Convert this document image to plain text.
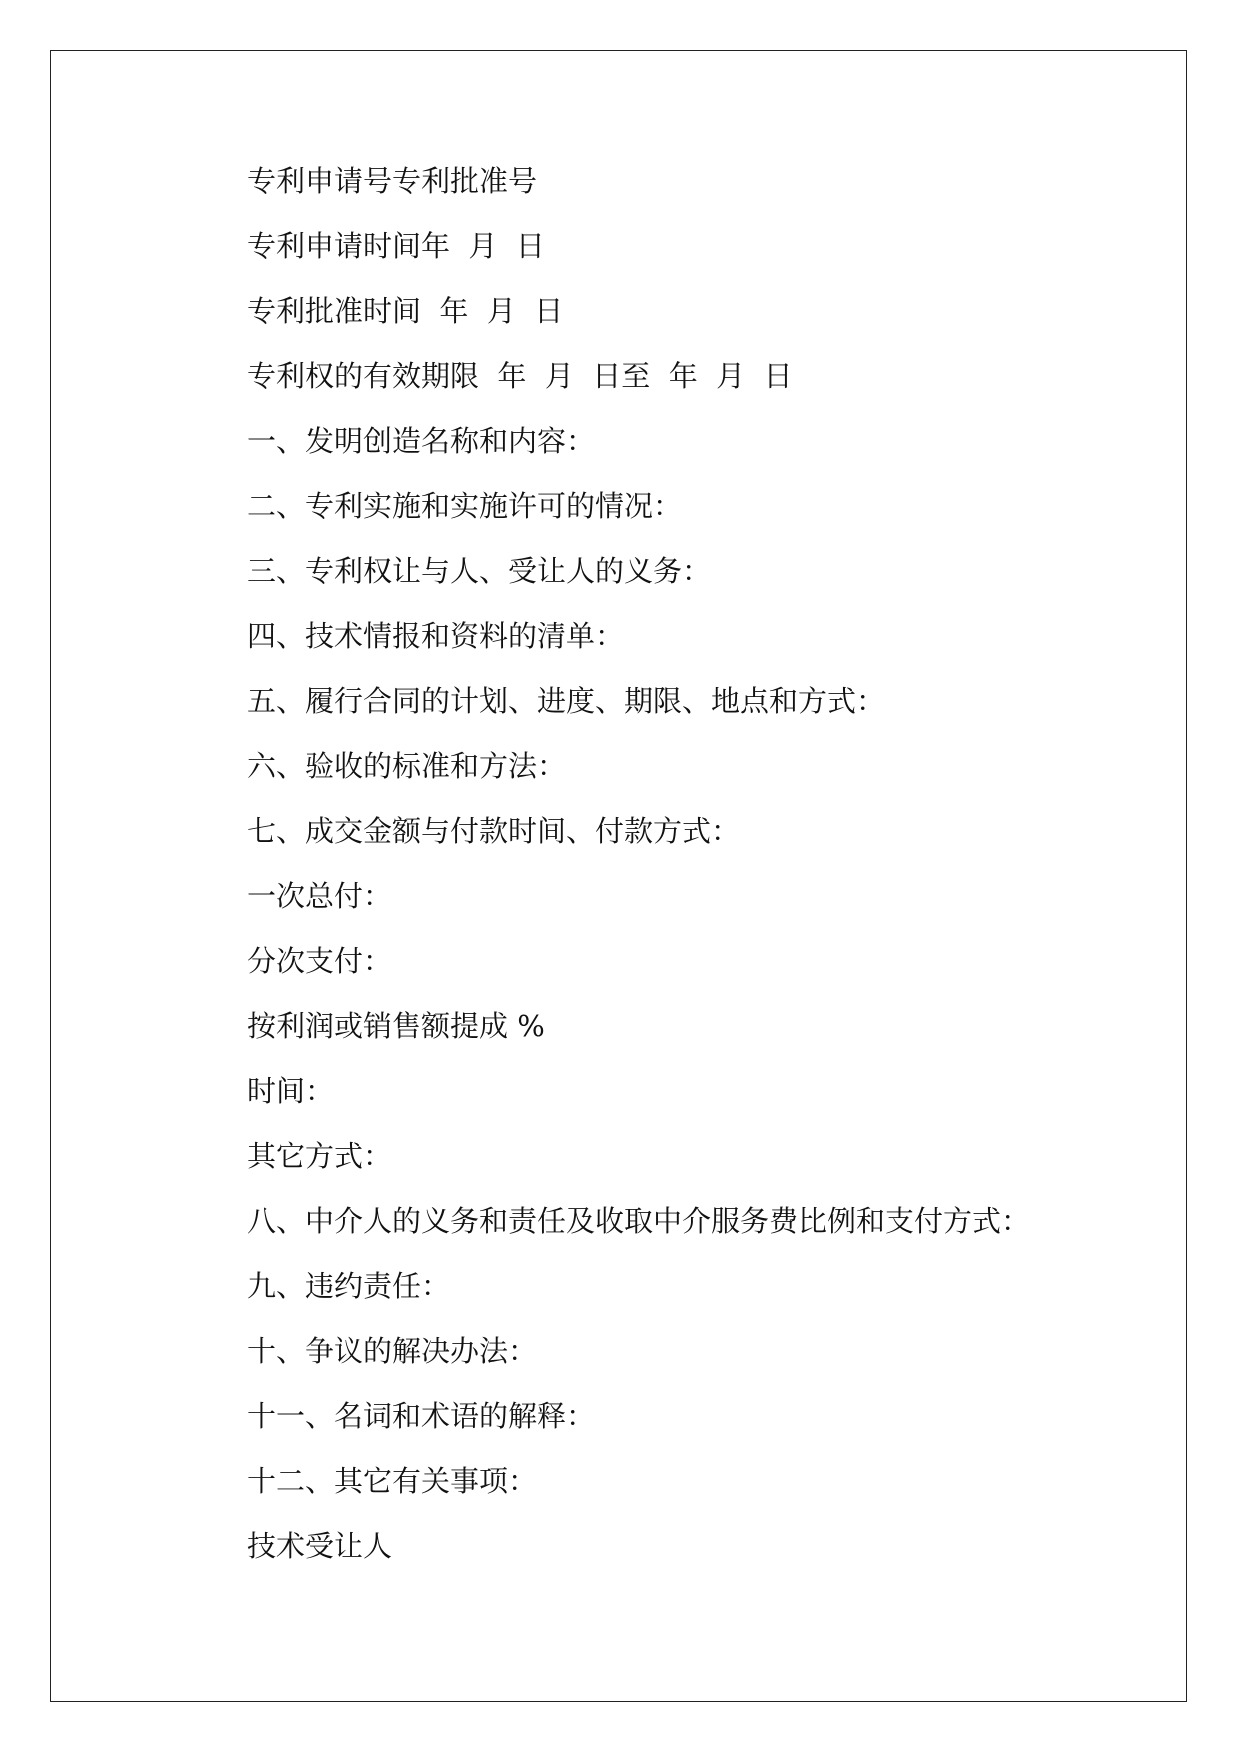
专利申请号专利批准号
专利申请时间年  月  日
专利批准时间  年  月  日
专利权的有效期限  年  月  日至  年  月  日
一、发明创造名称和内容：
二、专利实施和实施许可的情况：
三、专利权让与人、受让人的义务：
四、技术情报和资料的清单：
五、履行合同的计划、进度、期限、地点和方式：
六、验收的标准和方法：
七、成交金额与付款时间、付款方式：
一次总付：
分次支付：
按利润或销售额提成 %
时间：
其它方式：
八、中介人的义务和责任及收取中介服务费比例和支付方式：
九、违约责任：
十、争议的解决办法：
十一、名词和术语的解释：
十二、其它有关事项：
技术受让人
